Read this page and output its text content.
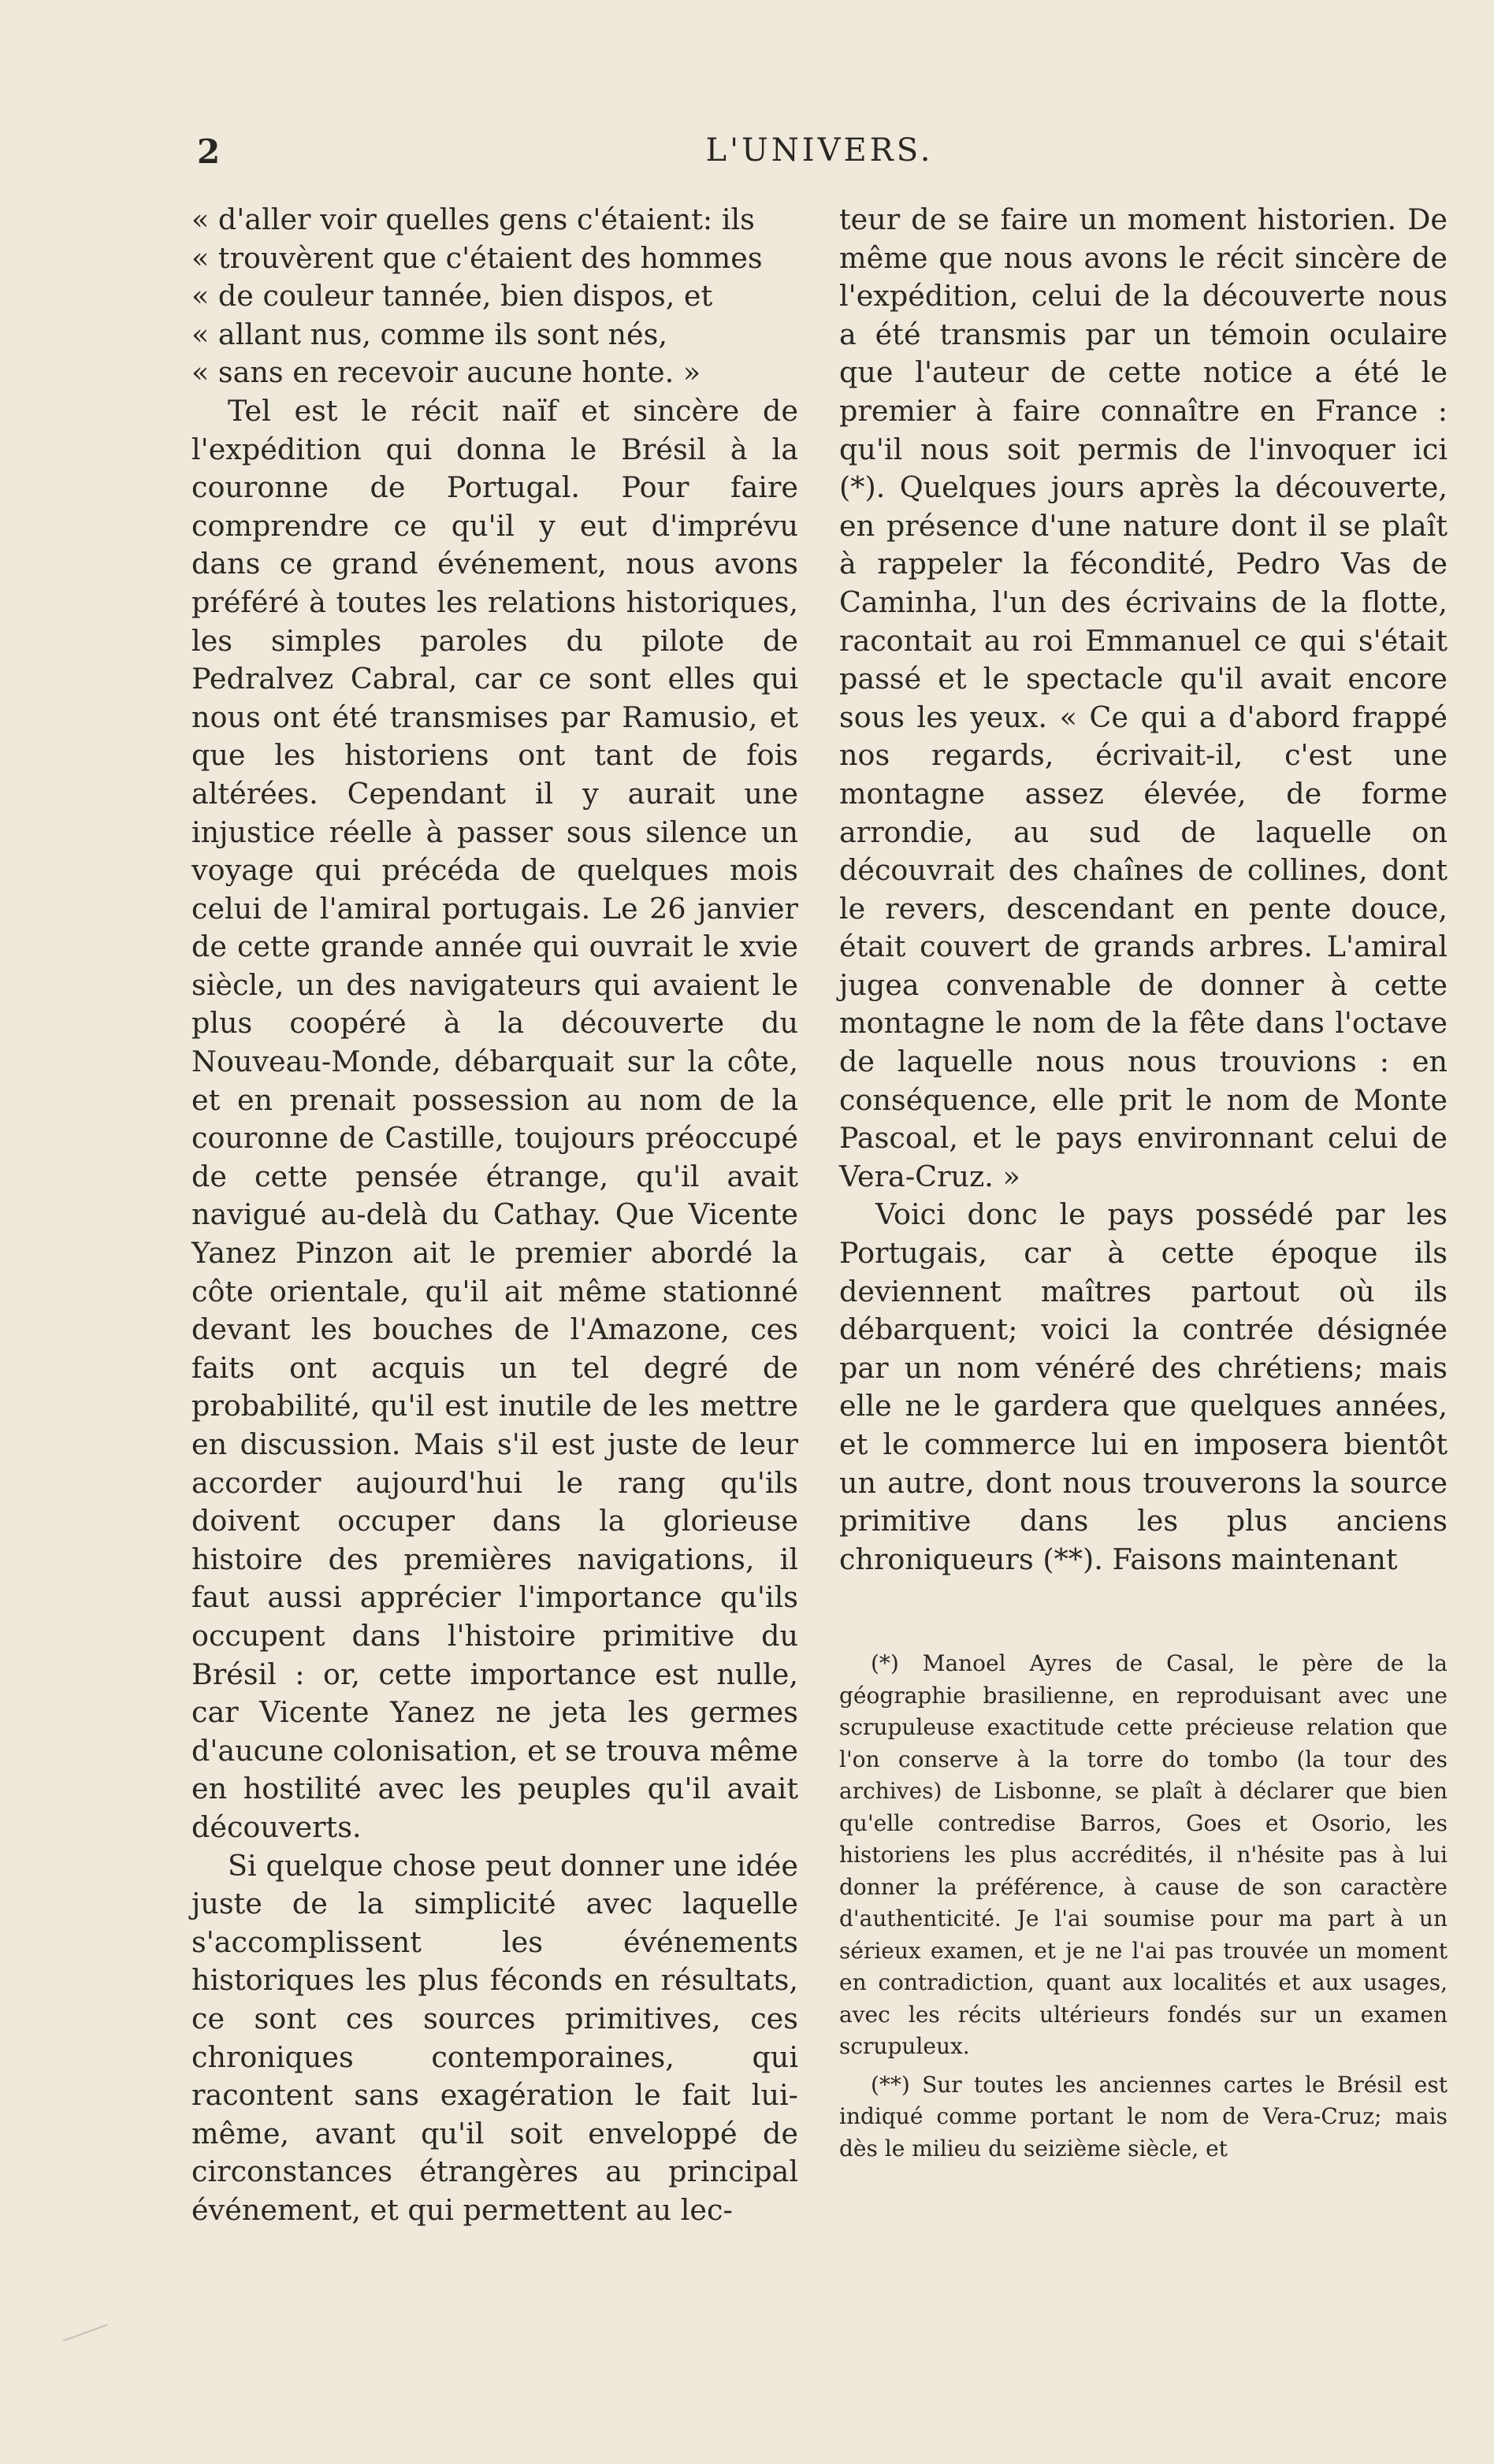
2	L'UNIVERS.

« d'aller voir quelles gens c'étaient: ils
« trouvèrent que c'étaient des hommes
« de couleur tannée, bien dispos, et
« allant nus, comme ils sont nés,
« sans en recevoir aucune honte. »

Tel est le récit naïf et sincère de l'expédition qui donna le Brésil à la couronne de Portugal. Pour faire comprendre ce qu'il y eut d'imprévu dans ce grand événement, nous avons préféré à toutes les relations historiques, les simples paroles du pilote de Pedralvez Cabral, car ce sont elles qui nous ont été transmises par Ramusio, et que les historiens ont tant de fois altérées. Cependant il y aurait une injustice réelle à passer sous silence un voyage qui précéda de quelques mois celui de l'amiral portugais. Le 26 janvier de cette grande année qui ouvrait le xvie siècle, un des navigateurs qui avaient le plus coopéré à la découverte du Nouveau-Monde, débarquait sur la côte, et en prenait possession au nom de la couronne de Castille, toujours préoccupé de cette pensée étrange, qu'il avait navigué au-delà du Cathay. Que Vicente Yanez Pinzon ait le premier abordé la côte orientale, qu'il ait même stationné devant les bouches de l'Amazone, ces faits ont acquis un tel degré de probabilité, qu'il est inutile de les mettre en discussion. Mais s'il est juste de leur accorder aujourd'hui le rang qu'ils doivent occuper dans la glorieuse histoire des premières navigations, il faut aussi apprécier l'importance qu'ils occupent dans l'histoire primitive du Brésil : or, cette importance est nulle, car Vicente Yanez ne jeta les germes d'aucune colonisation, et se trouva même en hostilité avec les peuples qu'il avait découverts.

Si quelque chose peut donner une idée juste de la simplicité avec laquelle s'accomplissent les événements historiques les plus féconds en résultats, ce sont ces sources primitives, ces chroniques contemporaines, qui racontent sans exagération le fait lui-même, avant qu'il soit enveloppé de circonstances étrangères au principal événement, et qui permettent au lec-

teur de se faire un moment historien. De même que nous avons le récit sincère de l'expédition, celui de la découverte nous a été transmis par un témoin oculaire que l'auteur de cette notice a été le premier à faire connaître en France : qu'il nous soit permis de l'invoquer ici (*). Quelques jours après la découverte, en présence d'une nature dont il se plaît à rappeler la fécondité, Pedro Vas de Caminha, l'un des écrivains de la flotte, racontait au roi Emmanuel ce qui s'était passé et le spectacle qu'il avait encore sous les yeux. « Ce qui a d'abord frappé nos regards, écrivait-il, c'est une montagne assez élevée, de forme arrondie, au sud de laquelle on découvrait des chaînes de collines, dont le revers, descendant en pente douce, était couvert de grands arbres. L'amiral jugea convenable de donner à cette montagne le nom de la fête dans l'octave de laquelle nous nous trouvions : en conséquence, elle prit le nom de Monte Pascoal, et le pays environnant celui de Vera-Cruz. »

Voici donc le pays possédé par les Portugais, car à cette époque ils deviennent maîtres partout où ils débarquent; voici la contrée désignée par un nom vénéré des chrétiens; mais elle ne le gardera que quelques années, et le commerce lui en imposera bientôt un autre, dont nous trouverons la source primitive dans les plus anciens chroniqueurs (**). Faisons maintenant

(*) Manoel Ayres de Casal, le père de la géographie brasilienne, en reproduisant avec une scrupuleuse exactitude cette précieuse relation que l'on conserve à la torre do tombo (la tour des archives) de Lisbonne, se plaît à déclarer que bien qu'elle contredise Barros, Goes et Osorio, les historiens les plus accrédités, il n'hésite pas à lui donner la préférence, à cause de son caractère d'authenticité. Je l'ai soumise pour ma part à un sérieux examen, et je ne l'ai pas trouvée un moment en contradiction, quant aux localités et aux usages, avec les récits ultérieurs fondés sur un examen scrupuleux.

(**) Sur toutes les anciennes cartes le Brésil est indiqué comme portant le nom de Vera-Cruz; mais dès le milieu du seizième siècle, et
